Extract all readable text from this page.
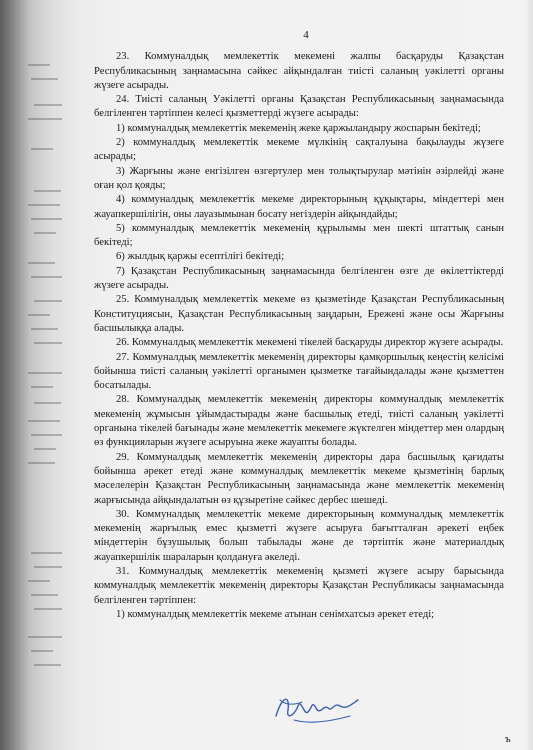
4

23. Коммуналдық мемлекеттік мекемені жалпы басқаруды Қазақстан Республикасының заңнамасына сәйкес айқындалған тиісті саланың уәкілетті органы жүзеге асырады.

24. Тиісті саланың Уәкілетті органы Қазақстан Республикасының заңнамасында белгіленген тәртіппен келесі қызметтерді жүзеге асырады:

1) коммуналдық мемлекеттік мекеменің жеке қаржыландыру жоспарын бекітеді;

2) коммуналдық мемлекеттік мекеме мүлкінің сақталуына бақылауды жүзеге асырады;

3) Жарғыны және енгізілген өзгертулер мен толықтырулар мәтінін әзірлейді және оған қол қояды;

4) коммуналдық мемлекеттік мекеме директорының құқықтары, міндеттері мен жауапкершілігін, оны лауазымынан босату негіздерін айқындайды;

5) коммуналдық мемлекеттік мекеменің құрылымы мен шекті штаттық санын бекітеді;

6) жылдық қаржы есептілігі бекітеді;

7) Қазақстан Республикасының заңнамасында белгіленген өзге де өкілеттіктерді жүзеге асырады.

25. Коммуналдық мемлекеттік мекеме өз қызметінде Қазақстан Республикасының Конституциясын, Қазақстан Республикасының заңдарын, Ережені және осы Жарғыны басшылыққа алады.

26. Коммуналдық мемлекеттік мекемені тікелей басқаруды директор жүзеге асырады.

27. Коммуналдық мемлекеттік мекеменің директоры қамқоршылық кеңестің келісімі бойынша тиісті саланың уәкілетті органымен қызметке тағайындалады және қызметтен босатылады.

28. Коммуналдық мемлекеттік мекеменің директоры коммуналдық мемлекеттік мекеменің жұмысын ұйымдастырады және басшылық етеді, тиісті саланың уәкілетті органына тікелей бағынады және мемлекеттік мекемеге жүктелген міндеттер мен олардың өз функцияларын жүзеге асыруына жеке жауапты болады.

29. Коммуналдық мемлекеттік мекеменің директоры дара басшылық қағидаты бойынша әрекет етеді және коммуналдық мемлекеттік мекеме қызметінің барлық мәселелерін Қазақстан Республикасының заңнамасында және мемлекеттік мекеменің жарғысында айқындалатын өз құзыретіне сәйкес дербес шешеді.

30. Коммуналдық мемлекеттік мекеме директорының коммуналдық мемлекеттік мекеменің жарғылық емес қызметті жүзеге асыруға бағытталған әрекеті еңбек міндеттерін бұзушылық болып табылады және де тәртіптік және материалдық жауапкершілік шараларын қолдануға әкеледі.

31. Коммуналдық мемлекеттік мекеменің қызметі жүзеге асыру барысында коммуналдық мемлекеттік мекеменің директоры Қазақстан Республикасы заңнамасында белгіленген тәртіппен:

1) коммуналдық мемлекеттік мекеме атынан сенімхатсыз әрекет етеді;

ъ
